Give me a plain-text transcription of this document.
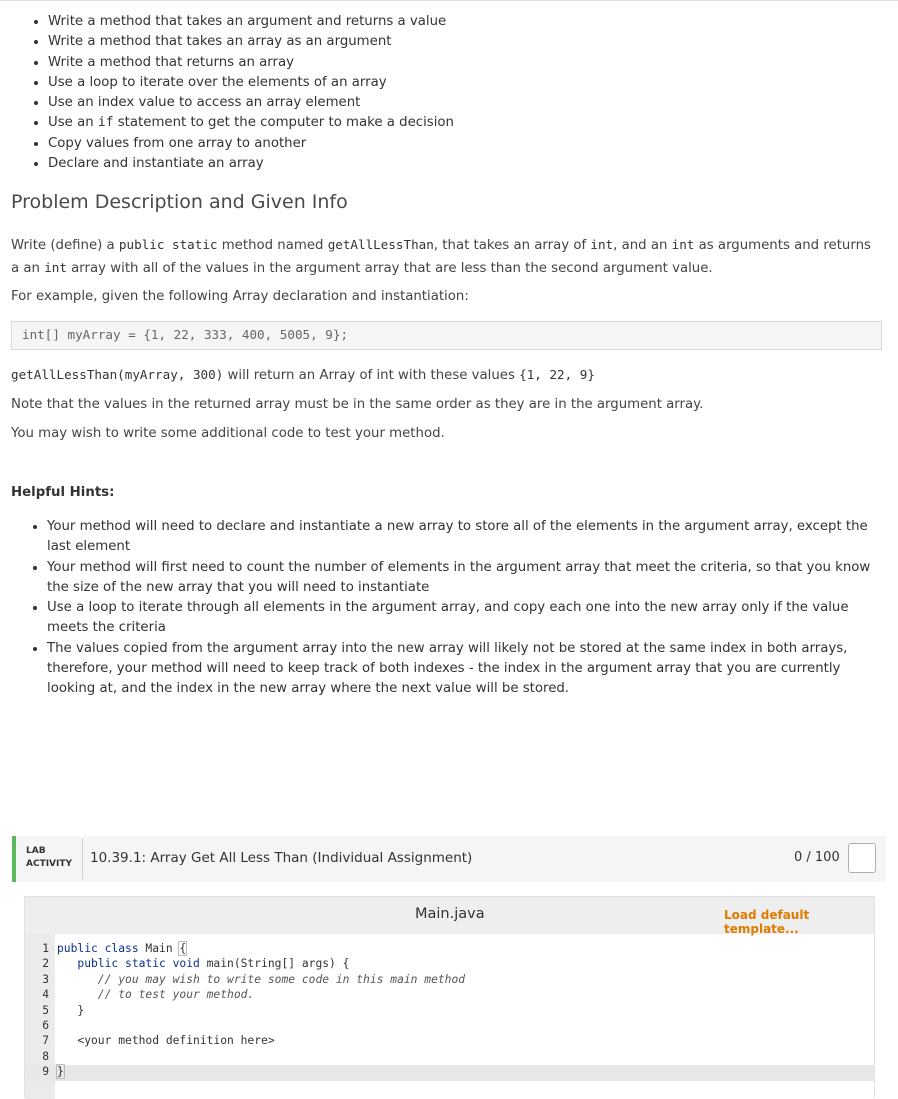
• Write a method that takes an argument and returns a value
• Write a method that takes an array as an argument
• Write a method that returns an array
• Use a loop to iterate over the elements of an array
• Use an index value to access an array element
• Use an if statement to get the computer to make a decision
• Copy values from one array to another
• Declare and instantiate an array
Problem Description and Given Info

Write (define) a public static method named getAllLessThan, that takes an array of int, and an int as arguments and returns a an int array with all of the values in the argument array that are less than the second argument value.

For example, given the following Array declaration and instantiation:

int[] myArray = {1, 22, 333, 400, 5005, 9};

getAllLessThan(myArray, 300) will return an Array of int with these values {1, 22, 9}

Note that the values in the returned array must be in the same order as they are in the argument array.

You may wish to write some additional code to test your method.

Helpful Hints:
• Your method will need to declare and instantiate a new array to store all of the elements in the argument array, except the last element
• Your method will first need to count the number of elements in the argument array that meet the criteria, so that you know the size of the new array that you will need to instantiate
• Use a loop to iterate through all elements in the argument array, and copy each one into the new array only if the value meets the criteria
• The values copied from the argument array into the new array will likely not be stored at the same index in both arrays, therefore, your method will need to keep track of both indexes - the index in the argument array that you are currently looking at, and the index in the new array where the next value will be stored.
LAB
ACTIVITY 10.39.1: Array Get All Less Than (Individual Assignment)	0 / 100
Main.java	Load default template...
1 public class Main {
2 public static void main(String[] args) {
3 // you may wish to write some code in this main method
4 // to test your method.
5 }
6
7 <your method definition here>
8
9 }
